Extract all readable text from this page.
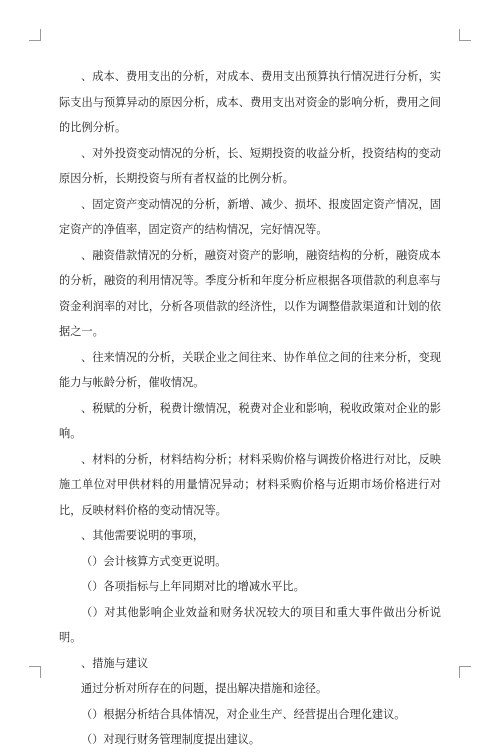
、成本、费用支出的分析，对成本、费用支出预算执行情况进行分析，实际支出与预算异动的原因分析，成本、费用支出对资金的影响分析，费用之间的比例分析。

、对外投资变动情况的分析，长、短期投资的收益分析，投资结构的变动原因分析，长期投资与所有者权益的比例分析。

、固定资产变动情况的分析，新增、减少、损坏、报废固定资产情况，固定资产的净值率，固定资产的结构情况，完好情况等。

、融资借款情况的分析，融资对资产的影响，融资结构的分析，融资成本的分析，融资的利用情况等。季度分析和年度分析应根据各项借款的利息率与资金利润率的对比，分析各项借款的经济性，以作为调整借款渠道和计划的依据之一。

、往来情况的分析，关联企业之间往来、协作单位之间的往来分析，变现能力与帐龄分析，催收情况。

、税赋的分析，税费计缴情况，税费对企业和影响，税收政策对企业的影响。

、材料的分析，材料结构分析；材料采购价格与调拨价格进行对比，反映施工单位对甲供材料的用量情况异动；材料采购价格与近期市场价格进行对比，反映材料价格的变动情况等。

、其他需要说明的事项，

（）会计核算方式变更说明。

（）各项指标与上年同期对比的增减水平比。

（）对其他影响企业效益和财务状况较大的项目和重大事件做出分析说明。

、措施与建议

通过分析对所存在的问题，提出解决措施和途径。

（）根据分析结合具体情况，对企业生产、经营提出合理化建议。

（）对现行财务管理制度提出建议。
